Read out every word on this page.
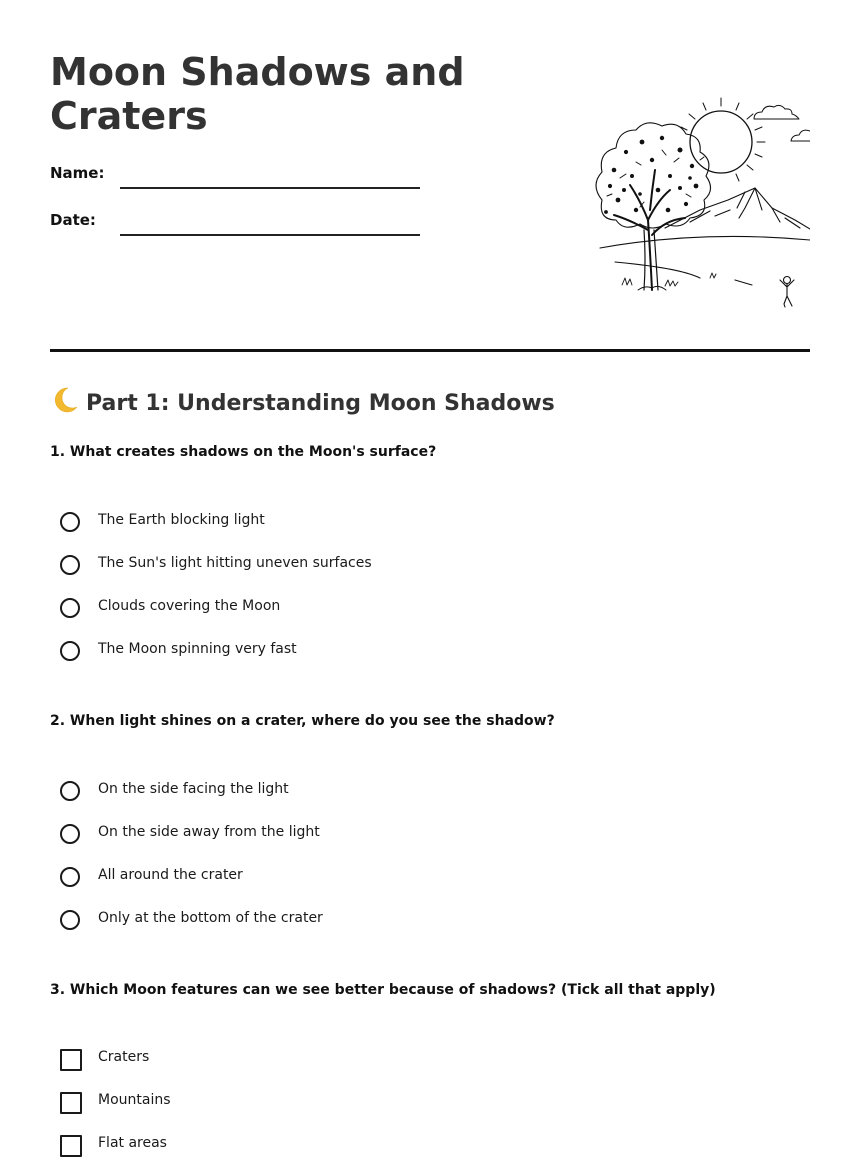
Moon Shadows and Craters
Name:
Date:
Part 1: Understanding Moon Shadows
1. What creates shadows on the Moon's surface?
The Earth blocking light
The Sun's light hitting uneven surfaces
Clouds covering the Moon
The Moon spinning very fast
2. When light shines on a crater, where do you see the shadow?
On the side facing the light
On the side away from the light
All around the crater
Only at the bottom of the crater
3. Which Moon features can we see better because of shadows? (Tick all that apply)
Craters
Mountains
Flat areas
